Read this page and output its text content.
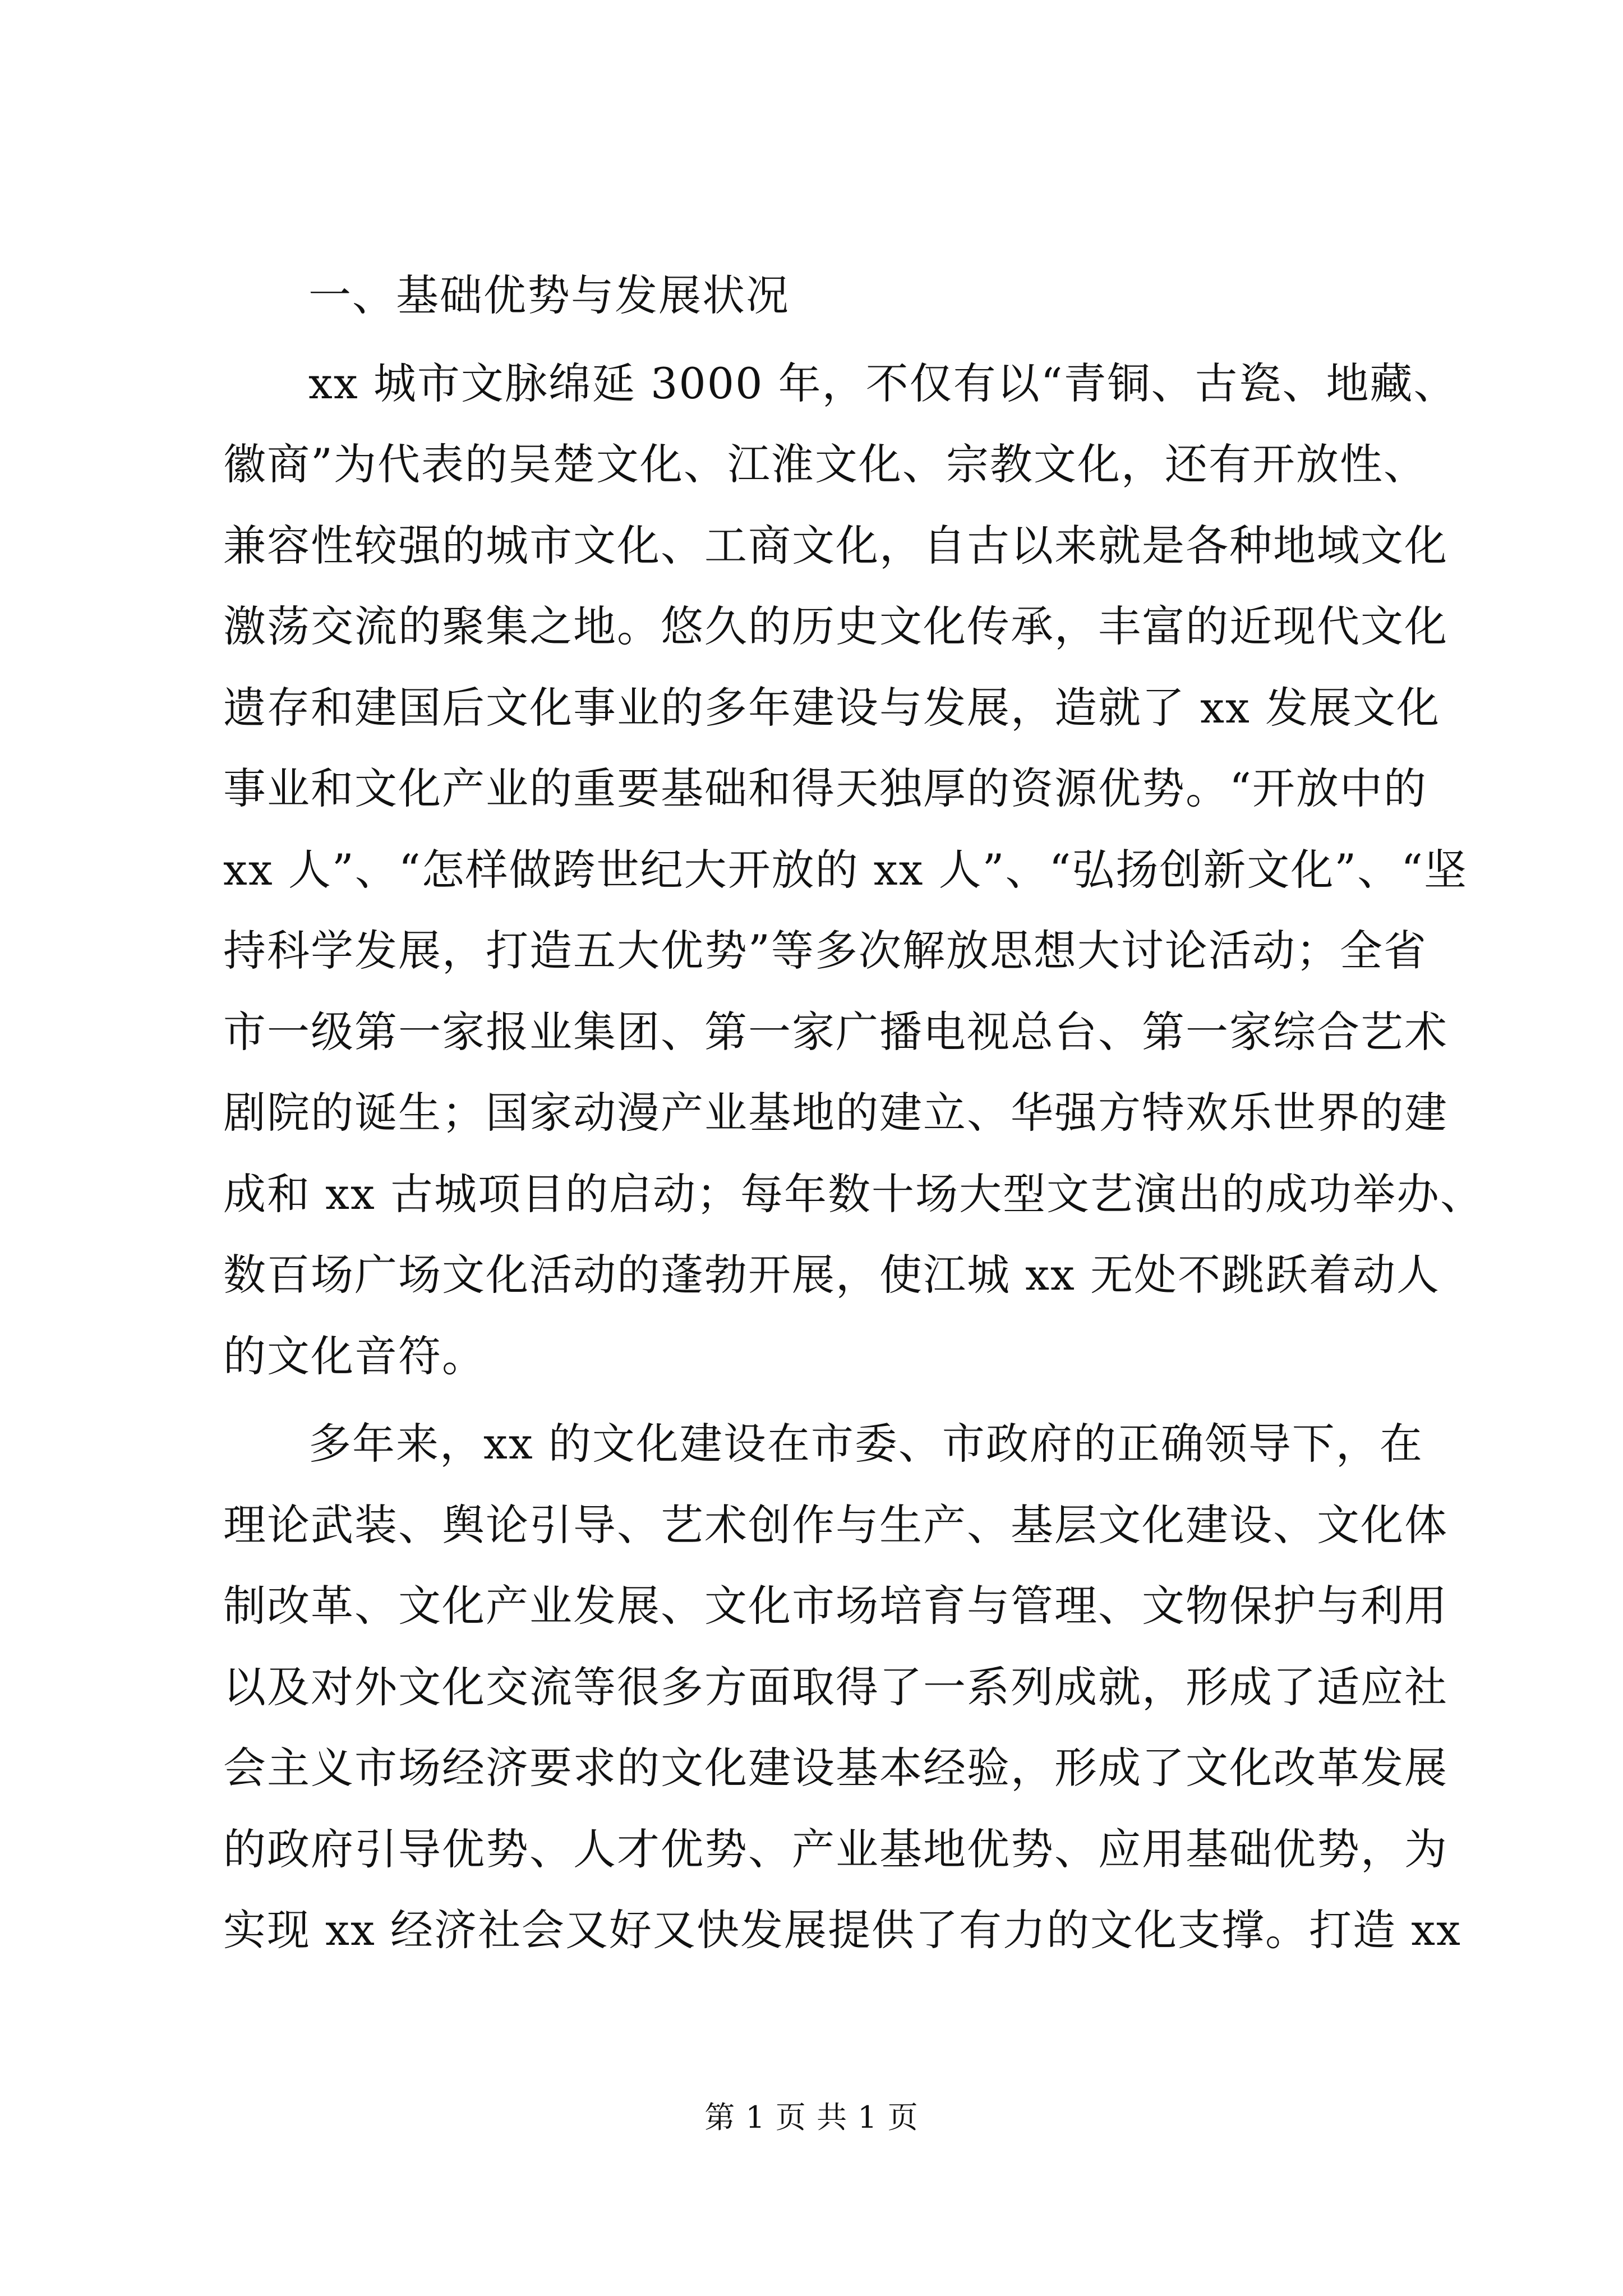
一、基础优势与发展状况
xx 城市文脉绵延 3000 年，不仅有以“青铜、古瓷、地藏、
徽商”为代表的吴楚文化、江淮文化、宗教文化，还有开放性、
兼容性较强的城市文化、工商文化，自古以来就是各种地域文化
激荡交流的聚集之地。悠久的历史文化传承，丰富的近现代文化
遗存和建国后文化事业的多年建设与发展，造就了 xx 发展文化
事业和文化产业的重要基础和得天独厚的资源优势。“开放中的
xx 人”、“怎样做跨世纪大开放的 xx 人”、“弘扬创新文化”、“坚
持科学发展，打造五大优势”等多次解放思想大讨论活动；全省
市一级第一家报业集团、第一家广播电视总台、第一家综合艺术
剧院的诞生；国家动漫产业基地的建立、华强方特欢乐世界的建
成和 xx 古城项目的启动；每年数十场大型文艺演出的成功举办、
数百场广场文化活动的蓬勃开展，使江城 xx 无处不跳跃着动人
的文化音符。
多年来，xx 的文化建设在市委、市政府的正确领导下，在
理论武装、舆论引导、艺术创作与生产、基层文化建设、文化体
制改革、文化产业发展、文化市场培育与管理、文物保护与利用
以及对外文化交流等很多方面取得了一系列成就，形成了适应社
会主义市场经济要求的文化建设基本经验，形成了文化改革发展
的政府引导优势、人才优势、产业基地优势、应用基础优势，为
实现 xx 经济社会又好又快发展提供了有力的文化支撑。打造 xx
第 1 页 共 1 页
